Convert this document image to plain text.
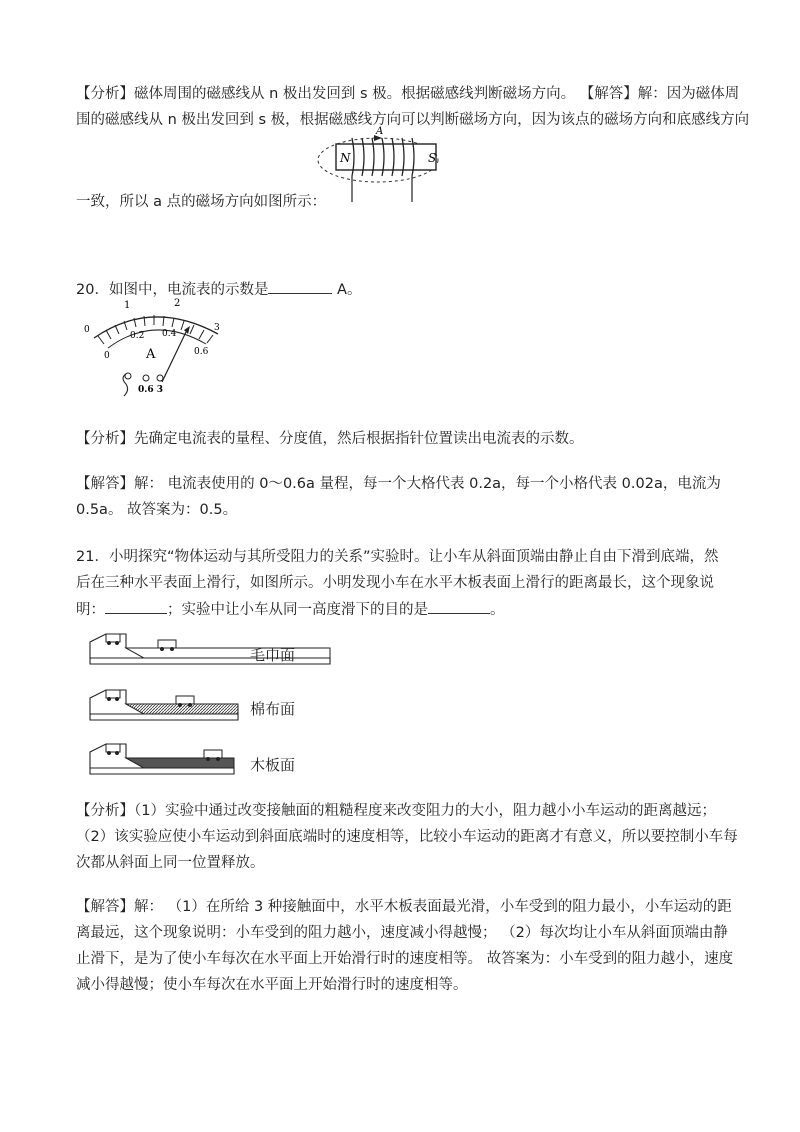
【分析】磁体周围的磁感线从 n 极出发回到 s 极。根据磁感线判断磁场方向。 【解答】解：因为磁体周
围的磁感线从 n 极出发回到 s 极，根据磁感线方向可以判断磁场方向，因为该点的磁场方向和底感线方向
N	S
A
一致，所以 a 点的磁场方向如图所示：
20．如图中，电流表的示数是	A。
1	2
0	3
0.2 0.4
0	0.6
A
0.6 3
【分析】先确定电流表的量程、分度值，然后根据指针位置读出电流表的示数。
【解答】解： 电流表使用的 0～0.6a 量程，每一个大格代表 0.2a，每一个小格代表 0.02a，电流为
0.5a。 故答案为：0.5。
21．小明探究“物体运动与其所受阻力的关系”实验时。让小车从斜面顶端由静止自由下滑到底端，然
后在三种水平表面上滑行，如图所示。小明发现小车在水平木板表面上滑行的距离最长，这个现象说
明：	；实验中让小车从同一高度滑下的目的是	。
毛巾面
棉布面
木板面
【分析】（1）实验中通过改变接触面的粗糙程度来改变阻力的大小，阻力越小小车运动的距离越远；
（2）该实验应使小车运动到斜面底端时的速度相等，比较小车运动的距离才有意义，所以要控制小车每
次都从斜面上同一位置释放。
【解答】解： （1）在所给 3 种接触面中，水平木板表面最光滑，小车受到的阻力最小，小车运动的距
离最远，这个现象说明：小车受到的阻力越小，速度减小得越慢； （2）每次均让小车从斜面顶端由静
止滑下，是为了使小车每次在水平面上开始滑行时的速度相等。 故答案为：小车受到的阻力越小，速度
减小得越慢；使小车每次在水平面上开始滑行时的速度相等。
